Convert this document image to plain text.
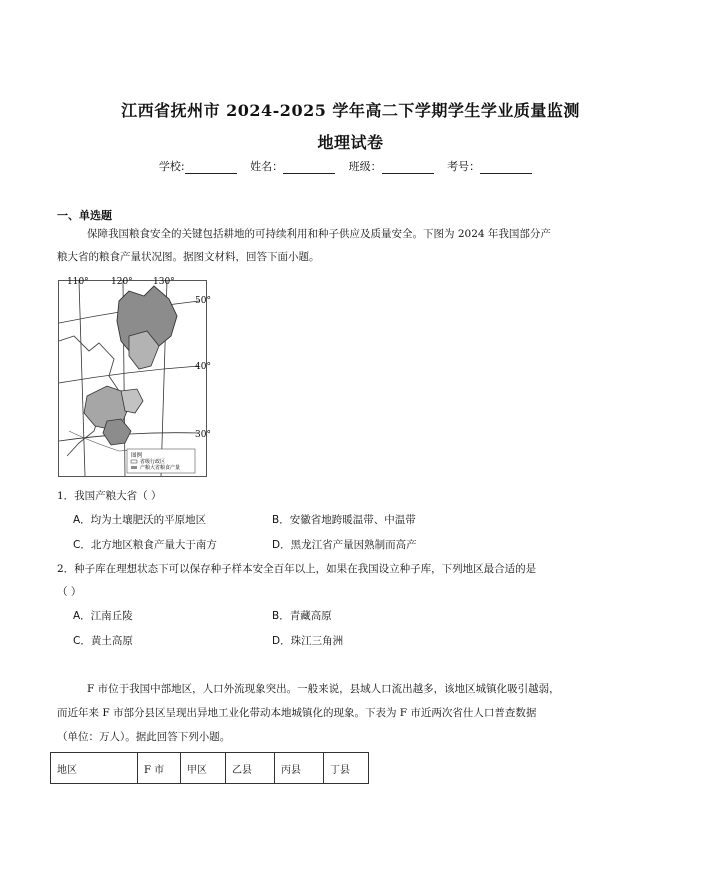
江西省抚州市 2024-2025 学年高二下学期学生学业质量监测
地理试卷
学校:	姓名：	班级：	考号：
一、单选题
保障我国粮食安全的关键包括耕地的可持续利用和种子供应及质量安全。下图为 2024 年我国部分产
粮大省的粮食产量状况图。据图文材料，回答下面小题。
图例
省级行政区
产粮大省粮食产量
110° 120° 130°
50°
40°
30°
1．我国产粮大省（ ）
A．均为土壤肥沃的平原地区	B．安徽省地跨暖温带、中温带
C．北方地区粮食产量大于南方	D．黑龙江省产量因熟制而高产
2．种子库在理想状态下可以保存种子样本安全百年以上，如果在我国设立种子库，下列地区最合适的是
（ ）
A．江南丘陵	B．青藏高原
C．黄土高原	D．珠江三角洲
F 市位于我国中部地区，人口外流现象突出。一般来说，县域人口流出越多，该地区城镇化吸引越弱，
而近年来 F 市部分县区呈现出异地工业化带动本地城镇化的现象。下表为 F 市近两次省仕人口普查数据
（单位：万人）。据此回答下列小题。
地区	F 市	甲区	乙县	丙县	丁县
